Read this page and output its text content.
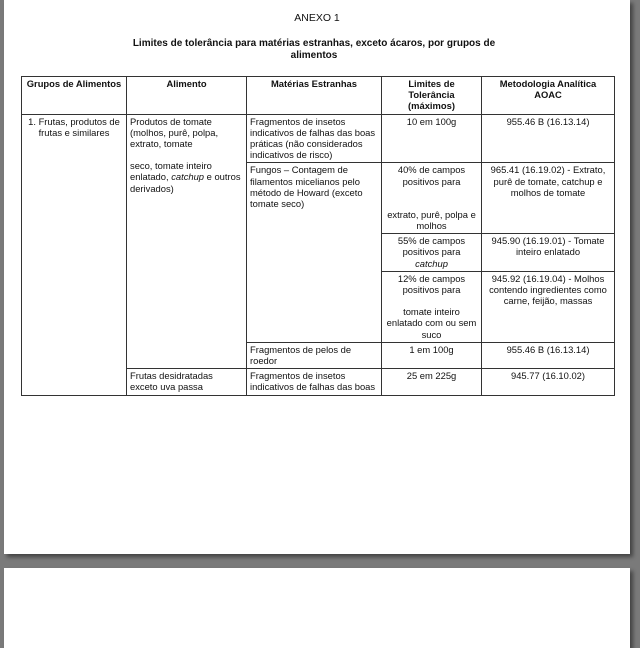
ANEXO 1
Limites de tolerância para matérias estranhas, exceto ácaros, por grupos de
alimentos
Grupos de Alimentos	Alimento	Matérias Estranhas	Limites de
Tolerância
(máximos)	Metodologia Analítica
AOAC

1. Frutas, produtos de frutas e similares	Produtos de tomate (molhos, purê, polpa, extrato, tomate
seco, tomate inteiro enlatado, catchup e outros derivados)	Fragmentos de insetos indicativos de falhas das boas
práticas (não considerados indicativos de risco)	10 em 100g	955.46 B (16.13.14)

		Fungos – Contagem de filamentos micelianos pelo
método de Howard (exceto tomate seco)	40% de campos positivos para
extrato, purê, polpa e molhos	965.41 (16.19.02) - Extrato, purê de tomate, catchup e molhos de tomate

			55% de campos positivos para
catchup	945.90 (16.19.01) - Tomate inteiro enlatado

			12% de campos positivos para
tomate inteiro enlatado com ou sem suco	945.92 (16.19.04) - Molhos contendo ingredientes como carne, feijão, massas
		Fragmentos de pelos de roedor	1 em 100g	955.46 B (16.13.14)
	Frutas desidratadas exceto uva passa	Fragmentos de insetos indicativos de falhas das boas	25 em 225g	945.77 (16.10.02)
